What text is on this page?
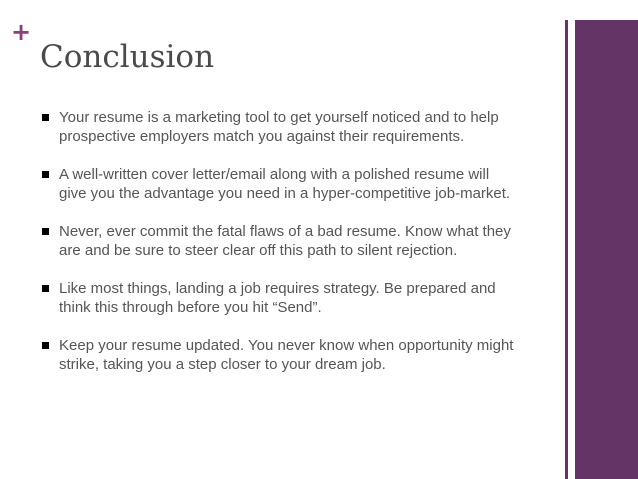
+
Conclusion
Your resume is a marketing tool to get yourself noticed and to help prospective employers match you against their requirements.
A well-written cover letter/email along with a polished resume will give you the advantage you need in a hyper-competitive job-market.
Never, ever commit the fatal flaws of a bad resume. Know what they are and be sure to steer clear off this path to silent rejection.
Like most things, landing a job requires strategy. Be prepared and think this through before you hit “Send”.
Keep your resume updated. You never know when opportunity might strike, taking you a step closer to your dream job.
